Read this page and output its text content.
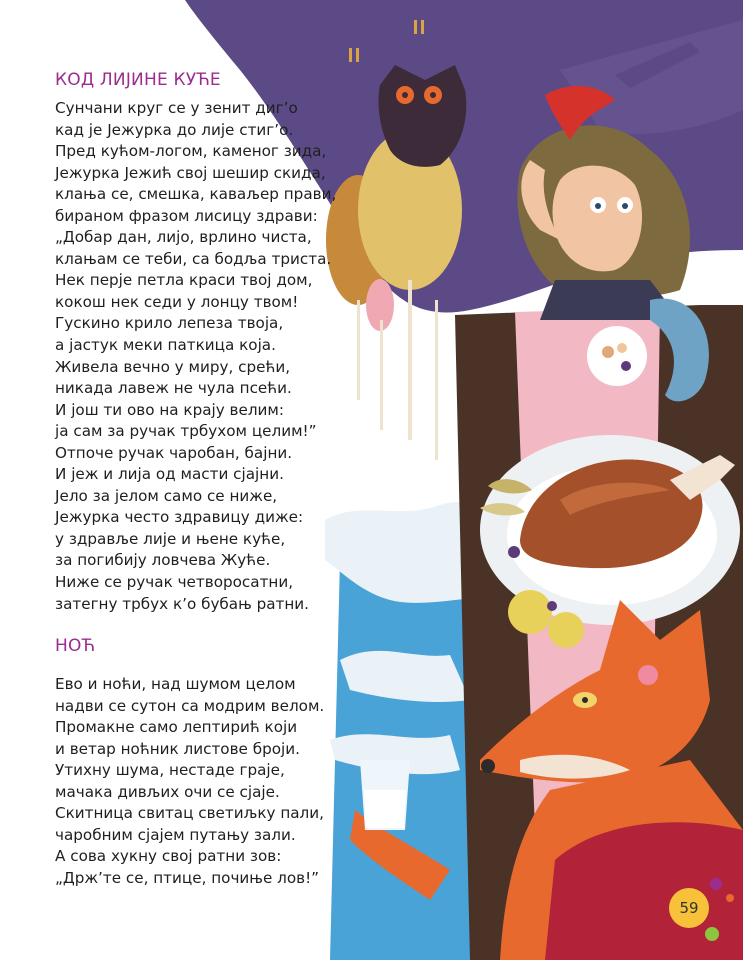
КОД ЛИЈИНЕ КУЋЕ
Сунчани круг се у зенит диг’о
кад је Јежурка до лије стиг’о.
Пред кућом-логом, каменог зида,
Јежурка Јежић свој шешир скида,
клања се, смешка, каваљер прави,
бираном фразом лисицу здрави:
„Добар дан, лијо, врлино чиста,
клањам се теби, са бодља триста.
Нек перје петла краси твој дом,
кокош нек седи у лонцу твом!
Гускино крило лепеза твоја,
а јастук меки паткица која.
Живела вечно у миру, срећи,
никада лавеж не чула псећи.
И још ти ово на крају велим:
ја сам за ручак трбухом целим!”
Отпоче ручак чаробан, бајни.
И јеж и лија од масти сјајни.
Јело за јелом само се ниже,
Јежурка често здравицу диже:
у здравље лије и њене куће,
за погибију ловчева Жуће.
Ниже се ручак четворосатни,
затегну трбух к’о бубањ ратни.
НОЋ
Ево и ноћи, над шумом целом
надви се сутон са модрим велом.
Промакне само лептирић који
и ветар ноћник листове броји.
Утихну шума, нестаде граје,
мачака дивљих очи се сјаје.
Скитница свитац светиљку пали,
чаробним сјајем путању зали.
А сова хукну свој ратни зов:
„Држ’те се, птице, почиње лов!”
59
